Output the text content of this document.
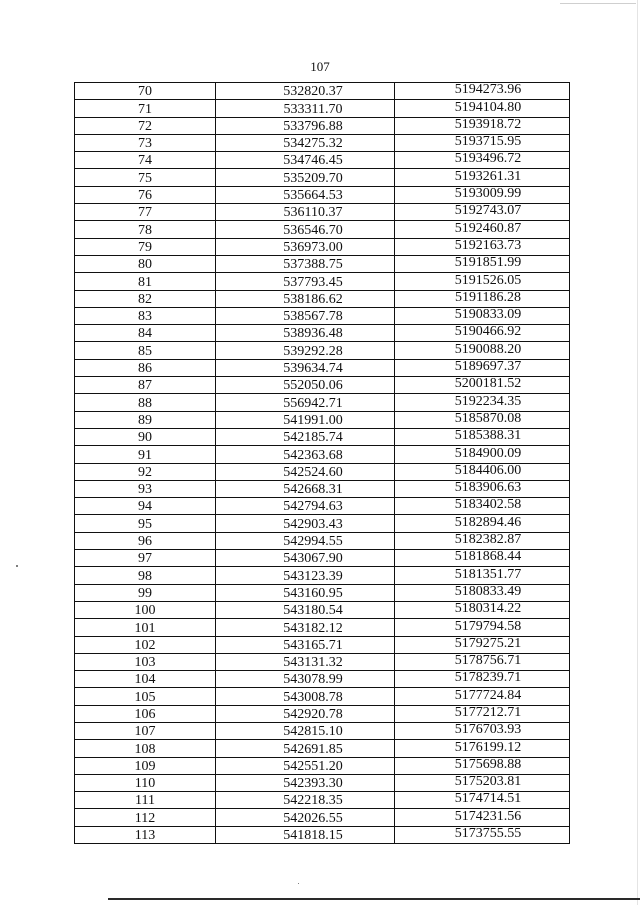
107
70	532820.37	5194273.96
71	533311.70	5194104.80
72	533796.88	5193918.72
73	534275.32	5193715.95
74	534746.45	5193496.72
75	535209.70	5193261.31
76	535664.53	5193009.99
77	536110.37	5192743.07
78	536546.70	5192460.87
79	536973.00	5192163.73
80	537388.75	5191851.99
81	537793.45	5191526.05
82	538186.62	5191186.28
83	538567.78	5190833.09
84	538936.48	5190466.92
85	539292.28	5190088.20
86	539634.74	5189697.37
87	552050.06	5200181.52
88	556942.71	5192234.35
89	541991.00	5185870.08
90	542185.74	5185388.31
91	542363.68	5184900.09
92	542524.60	5184406.00
93	542668.31	5183906.63
94	542794.63	5183402.58
95	542903.43	5182894.46
96	542994.55	5182382.87
97	543067.90	5181868.44
98	543123.39	5181351.77
99	543160.95	5180833.49
100	543180.54	5180314.22
101	543182.12	5179794.58
102	543165.71	5179275.21
103	543131.32	5178756.71
104	543078.99	5178239.71
105	543008.78	5177724.84
106	542920.78	5177212.71
107	542815.10	5176703.93
108	542691.85	5176199.12
109	542551.20	5175698.88
110	542393.30	5175203.81
111	542218.35	5174714.51
112	542026.55	5174231.56
113	541818.15	5173755.55
